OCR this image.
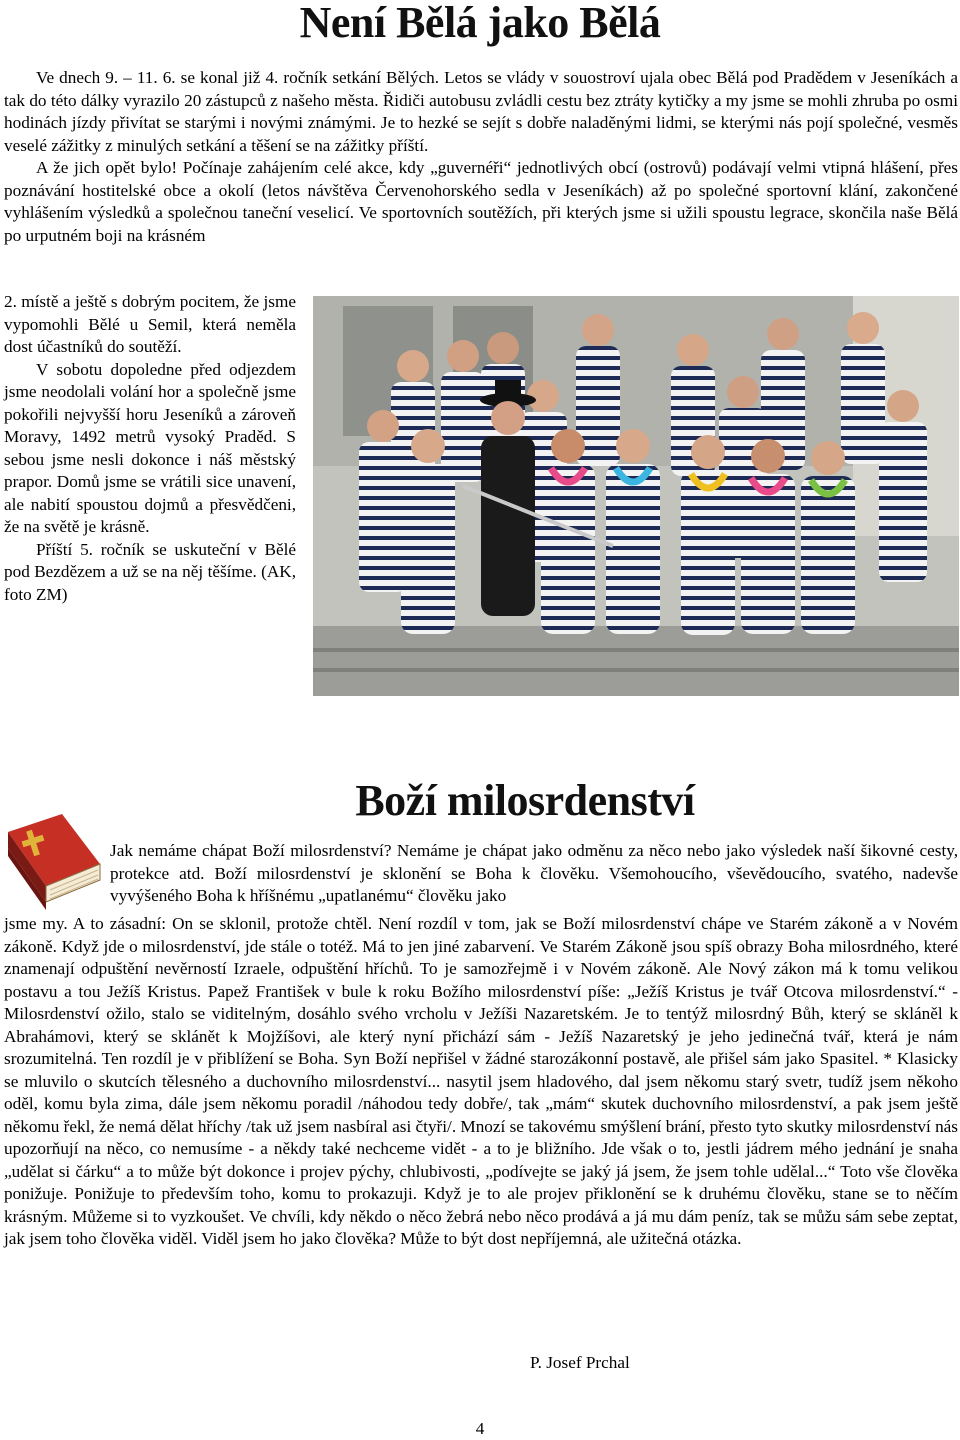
Není Bělá jako Bělá

Ve dnech 9. – 11. 6. se konal již 4. ročník setkání Bělých. Letos se vlády v souostroví ujala obec Bělá pod Pradědem v Jeseníkách a tak do této dálky vyrazilo 20 zástupců z našeho města. Řidiči autobusu zvládli cestu bez ztráty kytičky a my jsme se mohli zhruba po osmi hodinách jízdy přivítat se starými i novými známými. Je to hezké se sejít s dobře naladěnými lidmi, se kterými nás pojí společné, vesměs veselé zážitky z minulých setkání a těšení se na zážitky příští.

A že jich opět bylo! Počínaje zahájením celé akce, kdy „guvernéři“ jednotlivých obcí (ostrovů) podávají velmi vtipná hlášení, přes poznávání hostitelské obce a okolí (letos návštěva Červenohorského sedla v Jeseníkách) až po společné sportovní klání, zakončené vyhlášením výsledků a společnou taneční veselicí. Ve sportovních soutěžích, při kterých jsme si užili spoustu legrace, skončila naše Bělá po urputném boji na krásném

2. místě a ještě s dobrým pocitem, že jsme vypomohli Bělé u Semil, která neměla dost účastníků do soutěží.

V sobotu dopoledne před odjezdem jsme neodolali volání hor a společně jsme pokořili nejvyšší horu Jeseníků a zároveň Moravy, 1492 metrů vysoký Praděd. S sebou jsme nesli dokonce i náš městský prapor. Domů jsme se vrátili sice unavení, ale nabití spoustou dojmů a přesvědčeni, že na světě je krásně.

Příští 5. ročník se uskuteční v Bělé pod Bezdězem a už se na něj těšíme. (AK, foto ZM)

Boží milosrdenství

Jak nemáme chápat Boží milosrdenství? Nemáme je chápat jako odměnu za něco nebo jako výsledek naší šikovné cesty, protekce atd. Boží milosrdenství je sklonění se Boha k člověku. Všemohoucího, vševědoucího, svatého, nadevše vyvýšeného Boha k hříšnému „upatlanému“ člověku jako

jsme my. A to zásadní: On se sklonil, protože chtěl. Není rozdíl v tom, jak se Boží milosrdenství chápe ve Starém zákoně a v Novém zákoně. Když jde o milosrdenství, jde stále o totéž. Má to jen jiné zabarvení. Ve Starém Zákoně jsou spíš obrazy Boha milosrdného, které znamenají odpuštění nevěrností Izraele, odpuštění hříchů. To je samozřejmě i v Novém zákoně. Ale Nový zákon má k tomu velikou postavu a tou Ježíš Kristus. Papež František v bule k roku Božího milosrdenství píše: „Ježíš Kristus je tvář Otcova milosrdenství.“ - Milosrdenství ožilo, stalo se viditelným, dosáhlo svého vrcholu v Ježíši Nazaretském. Je to tentýž milosrdný Bůh, který se skláněl k Abrahámovi, který se sklánět k Mojžíšovi, ale který nyní přichází sám - Ježíš Nazaretský je jeho jedinečná tvář, která je nám srozumitelná. Ten rozdíl je v přiblížení se Boha. Syn Boží nepřišel v žádné starozákonní postavě, ale přišel sám jako Spasitel. * Klasicky se mluvilo o skutcích tělesného a duchovního milosrdenství... nasytil jsem hladového, dal jsem někomu starý svetr, tudíž jsem někoho oděl, komu byla zima, dále jsem někomu poradil /náhodou tedy dobře/, tak „mám“ skutek duchovního milosrdenství, a pak jsem ještě někomu řekl, že nemá dělat hříchy /tak už jsem nasbíral asi čtyři/. Mnozí se takovému smýšlení brání, přesto tyto skutky milosrdenství nás upozorňují na něco, co nemusíme - a někdy také nechceme vidět - a to je bližního. Jde však o to, jestli jádrem mého jednání je snaha „udělat si čárku“ a to může být dokonce i projev pýchy, chlubivosti, „podívejte se jaký já jsem, že jsem tohle udělal...“ Toto vše člověka ponižuje. Ponižuje to především toho, komu to prokazuji. Když je to ale projev přiklonění se k druhému člověku, stane se to něčím krásným. Můžeme si to vyzkoušet. Ve chvíli, kdy někdo o něco žebrá nebo něco prodává a já mu dám peníz, tak se můžu sám sebe zeptat, jak jsem toho člověka viděl. Viděl jsem ho jako člověka? Může to být dost nepříjemná, ale užitečná otázka.

P. Josef Prchal
4
